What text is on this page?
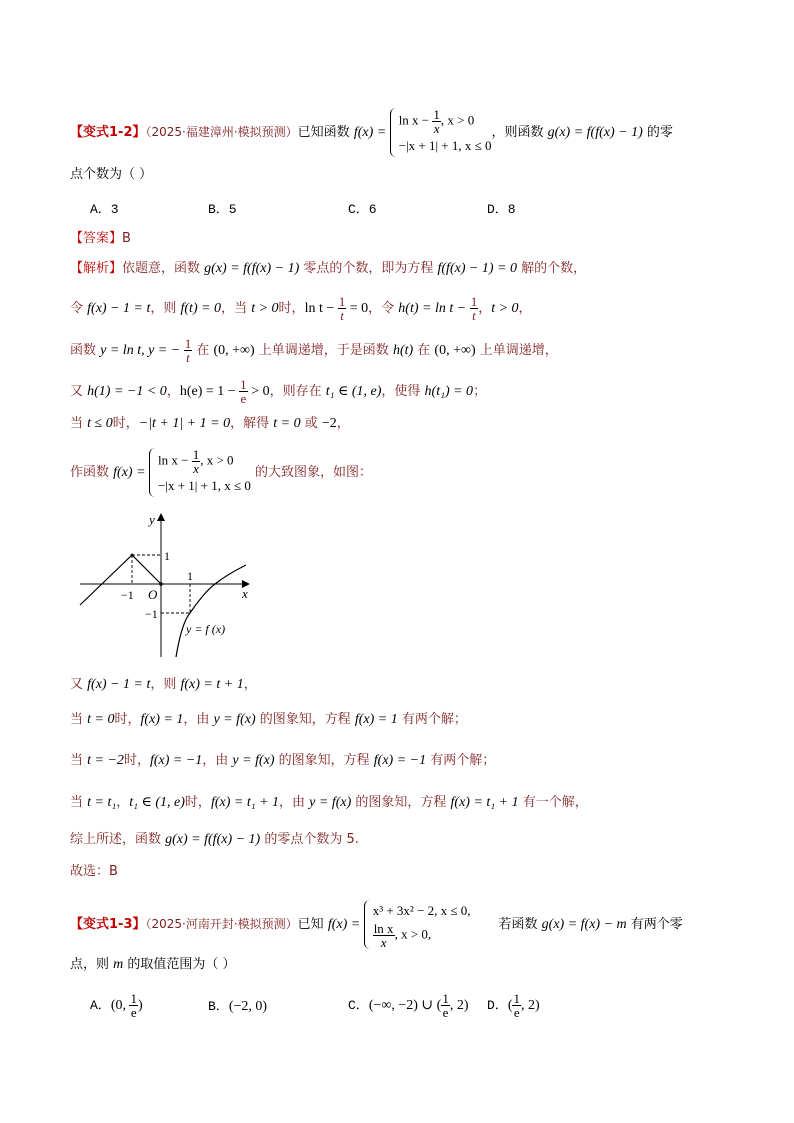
【变式1-2】（2025·福建漳州·模拟预测）已知函数 f(x) =
$\ln x - \frac{1}{x}$ , x > 0
−|x + 1| + 1, x ≤ 0
，则函数 g(x) = f(f(x) − 1) 的零
点个数为（ ）
A．3	B．5	C．6	D．8
【答案】B
【解析】依题意，函数 g(x) = f(f(x) − 1) 零点的个数，即为方程 f(f(x) − 1) = 0 解的个数，
令 f(x) − 1 = t，则 f(t) = 0，当 t > 0时，$\ln t - \frac{1}{t} = 0$，令 $h(t) = \ln t - \frac{1}{t}$ ，t > 0，
函数 y = ln t, y = − $\frac{1}{t}$ 在 (0, +∞) 上单调递增，于是函数 h(t) 在 (0, +∞) 上单调递增，
又 h(1) = −1 < 0，$h(e) = 1 - \frac{1}{e} > 0$，则存在 t₁ ∈ (1, e)，使得 h(t₁) = 0；
当 t ≤ 0时，−|t + 1| + 1 = 0，解得 t = 0 或 −2，
作函数 f(x) =
$\ln x - \frac{1}{x}$ , x > 0
−|x + 1| + 1, x ≤ 0
的大致图象，如图：
y
x
O
−1
1
1
−1
y = f (x)
又 f(x) − 1 = t，则 f(x) = t + 1，
当 t = 0时，f(x) = 1，由 y = f(x) 的图象知，方程 f(x) = 1 有两个解；
当 t = −2时，f(x) = −1，由 y = f(x) 的图象知，方程 f(x) = −1 有两个解；
当 t = t₁，t₁ ∈ (1, e)时，f(x) = t₁ + 1，由 y = f(x) 的图象知，方程 f(x) = t₁ + 1 有一个解，
综上所述，函数 g(x) = f(f(x) − 1) 的零点个数为 5.
故选：B
【变式1-3】（2025·河南开封·模拟预测）已知 f(x) =
x³ + 3x² − 2, x ≤ 0,
$\frac{\text{ln x}}{x}$ , x > 0,
若函数 g(x) = f(x) − m 有两个零
点，则 m 的取值范围为（ ）
A．(0, $\frac{1}{e}$ )	B．(−2, 0)	C．(−∞, −2) ∪ ( $\frac{1}{e}$ , 2) D．( $\frac{1}{e}$ , 2)
